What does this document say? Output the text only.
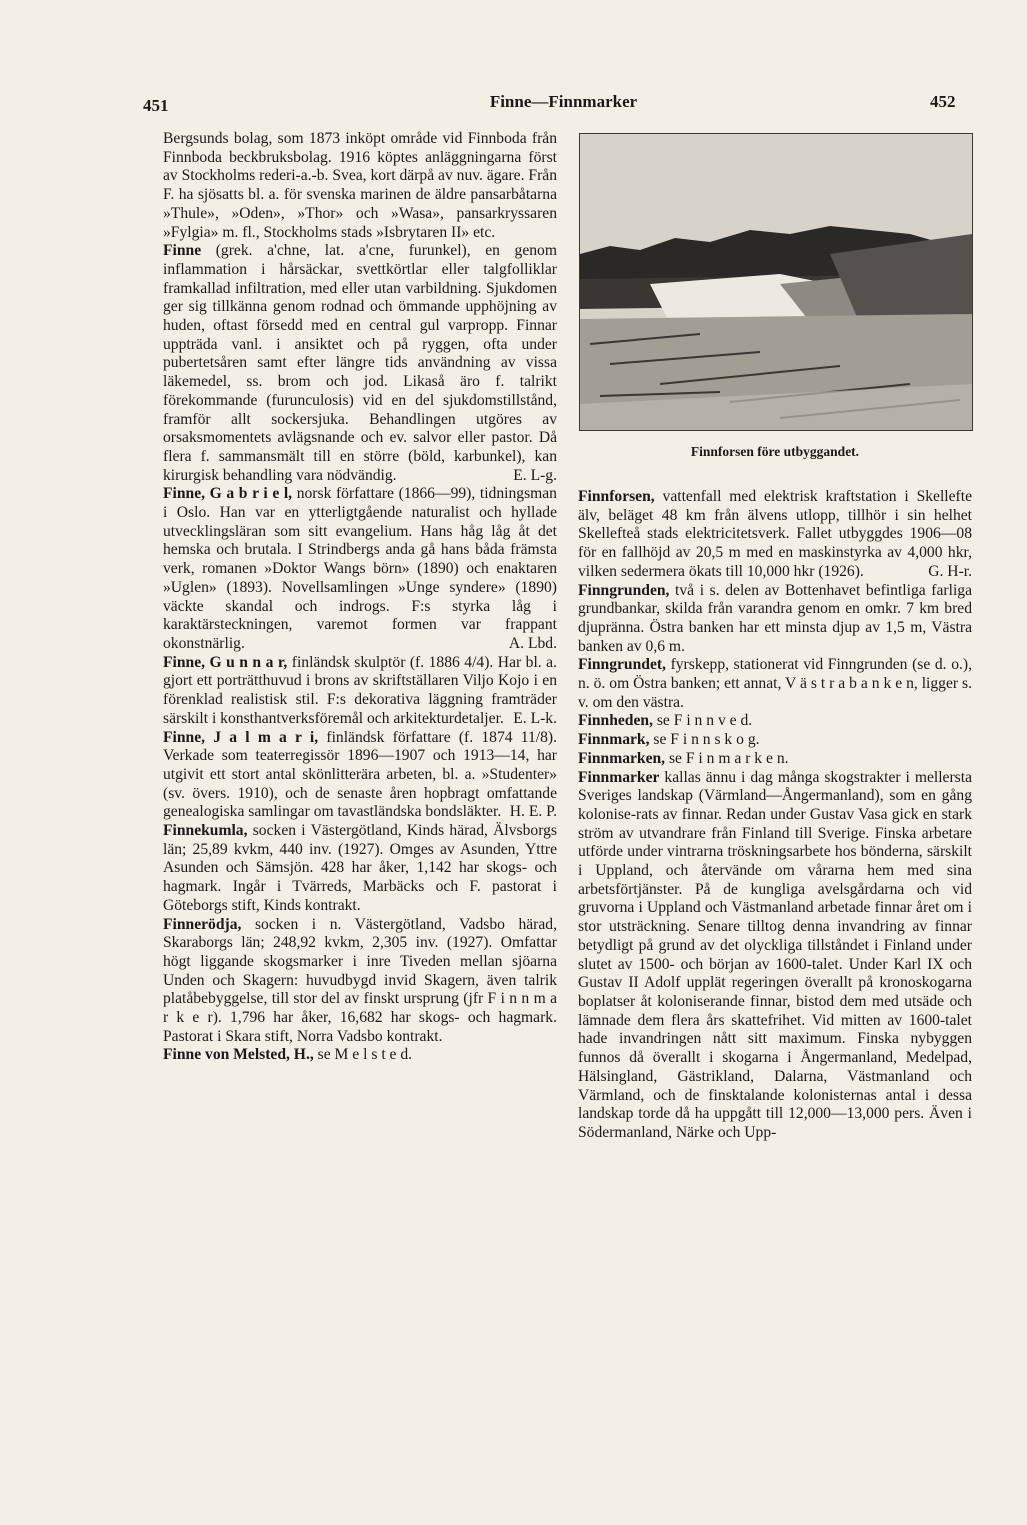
451	Finne—Finnmarker	452

Bergsunds bolag, som 1873 inköpt område vid Finnboda från Finnboda beckbruksbolag. 1916 köptes anläggningarna först av Stockholms rederi-a.-b. Svea, kort därpå av nuv. ägare. Från F. ha sjösatts bl. a. för svenska marinen de äldre pansarbåtarna »Thule», »Oden», »Thor» och »Wasa», pansarkryssaren »Fylgia» m. fl., Stockholms stads »Isbrytaren II» etc.

Finne (grek. a'chne, lat. a'cne, furunkel), en genom inflammation i hårsäckar, svettkörtlar eller talgfolliklar framkallad infiltration, med eller utan varbildning. Sjukdomen ger sig tillkänna genom rodnad och ömmande upphöjning av huden, oftast försedd med en central gul varpropp. Finnar uppträda vanl. i ansiktet och på ryggen, ofta under pubertetsåren samt efter längre tids användning av vissa läkemedel, ss. brom och jod. Likaså äro f. talrikt förekommande (furunculosis) vid en del sjukdomstillstånd, framför allt sockersjuka. Behandlingen utgöres av orsaksmomentets avlägsnande och ev. salvor eller pastor. Då flera f. sammansmält till en större (böld, karbunkel), kan kirurgisk behandling vara nödvändig.	E. L-g.

Finne, G a b r i e l, norsk författare (1866—99), tidningsman i Oslo. Han var en ytterligtgående naturalist och hyllade utvecklingsläran som sitt evangelium. Hans håg låg åt det hemska och brutala. I Strindbergs anda gå hans båda främsta verk, romanen »Doktor Wangs börn» (1890) och enaktaren »Uglen» (1893). Novellsamlingen »Unge syndere» (1890) väckte skandal och indrogs. F:s styrka låg i karaktärsteckningen, varemot formen var frappant okonstnärlig.	A. Lbd.

Finne, G u n n a r, finländsk skulptör (f. 1886 4/4). Har bl. a. gjort ett porträtthuvud i brons av skriftställaren Viljo Kojo i en förenklad realistisk stil. F:s dekorativa läggning framträder särskilt i konsthantverksföremål och arkitekturdetaljer. E. L-k.

Finne, J a l m a r i, finländsk författare (f. 1874 11/8). Verkade som teaterregissör 1896—1907 och 1913—14, har utgivit ett stort antal skönlitterära arbeten, bl. a. »Studenter» (sv. övers. 1910), och de senaste åren hopbragt omfattande genealogiska samlingar om tavastländska bondsläkter. H. E. P.

Finnekumla, socken i Västergötland, Kinds härad, Älvsborgs län; 25,89 kvkm, 440 inv. (1927). Omges av Asunden, Yttre Asunden och Sämsjön. 428 har åker, 1,142 har skogs- och hagmark. Ingår i Tvärreds, Marbäcks och F. pastorat i Göteborgs stift, Kinds kontrakt.

Finnerödja, socken i n. Västergötland, Vadsbo härad, Skaraborgs län; 248,92 kvkm, 2,305 inv. (1927). Omfattar högt liggande skogsmarker i inre Tiveden mellan sjöarna Unden och Skagern: huvudbygd invid Skagern, även talrik platåbebyggelse, till stor del av finskt ursprung (jfr F i n n m a r k e r). 1,796 har åker, 16,682 har skogs- och hagmark. Pastorat i Skara stift, Norra Vadsbo kontrakt.

Finne von Melsted, H., se M e l s t e d.

Finnforsen före utbyggandet.

Finnforsen, vattenfall med elektrisk kraftstation i Skellefte älv, beläget 48 km från älvens utlopp, tillhör i sin helhet Skellefteå stads elektricitetsverk. Fallet utbyggdes 1906—08 för en fallhöjd av 20,5 m med en maskinstyrka av 4,000 hkr, vilken sedermera ökats till 10,000 hkr (1926).	G. H-r.

Finngrunden, två i s. delen av Bottenhavet befintliga farliga grundbankar, skilda från varandra genom en omkr. 7 km bred djupränna. Östra banken har ett minsta djup av 1,5 m, Västra banken av 0,6 m.

Finngrundet, fyrskepp, stationerat vid Finngrunden (se d. o.), n. ö. om Östra banken; ett annat, V ä s t r a b a n k e n, ligger s. v. om den västra.

Finnheden, se F i n n v e d.

Finnmark, se F i n n s k o g.

Finnmarken, se F i n m a r k e n.

Finnmarker kallas ännu i dag många skogstrakter i mellersta Sveriges landskap (Värmland—Ångermanland), som en gång kolonise-rats av finnar. Redan under Gustav Vasa gick en stark ström av utvandrare från Finland till Sverige. Finska arbetare utförde under vintrarna tröskningsarbete hos bönderna, särskilt i Uppland, och återvände om vårarna hem med sina arbetsförtjänster. På de kungliga avelsgårdarna och vid gruvorna i Uppland och Västmanland arbetade finnar året om i stor utsträckning. Senare tilltog denna invandring av finnar betydligt på grund av det olyckliga tillståndet i Finland under slutet av 1500- och början av 1600-talet. Under Karl IX och Gustav II Adolf upplät regeringen överallt på kronoskogarna boplatser åt koloniserande finnar, bistod dem med utsäde och lämnade dem flera års skattefrihet. Vid mitten av 1600-talet hade invandringen nått sitt maximum. Finska nybyggen funnos då överallt i skogarna i Ångermanland, Medelpad, Hälsingland, Gästrikland, Dalarna, Västmanland och Värmland, och de finsktalande kolonisternas antal i dessa landskap torde då ha uppgått till 12,000—13,000 pers. Även i Södermanland, Närke och Upp-
